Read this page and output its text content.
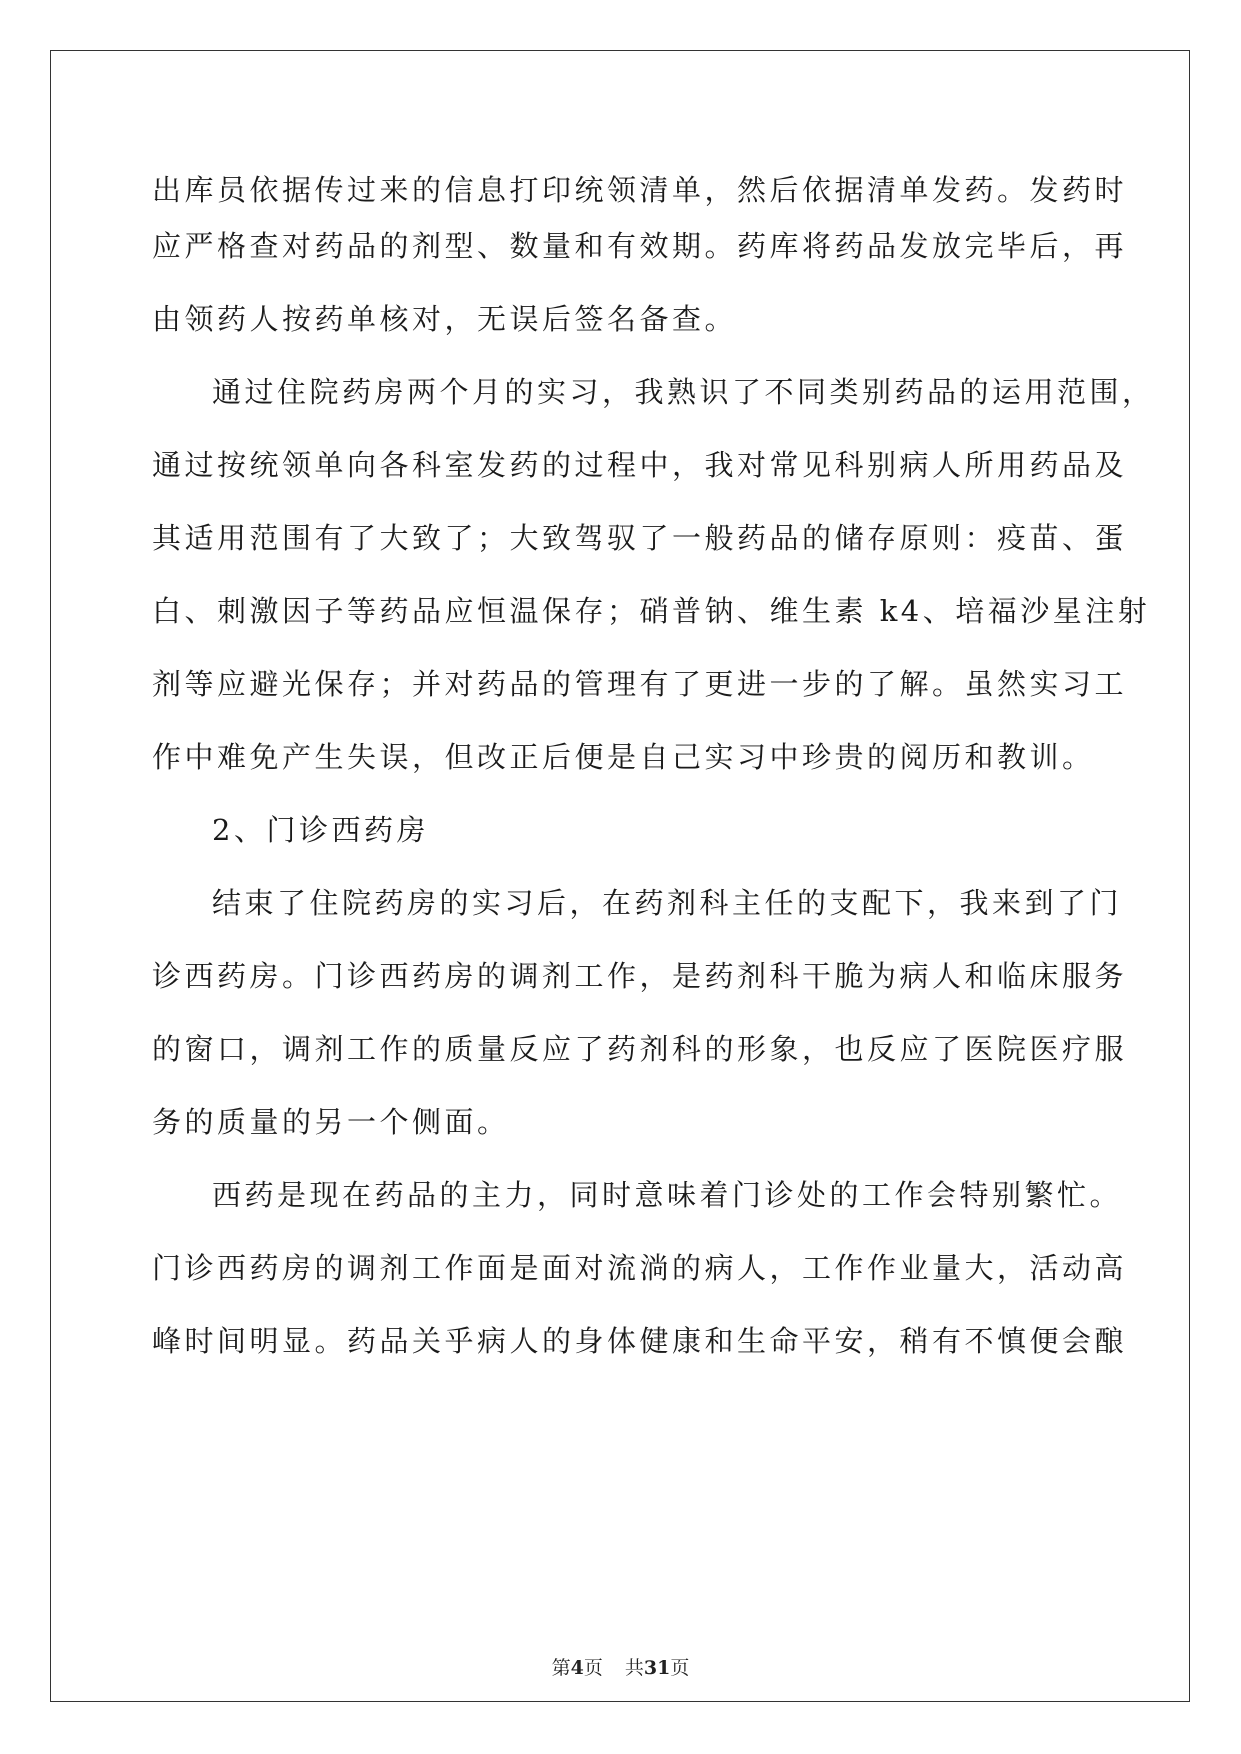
出库员依据传过来的信息打印统领清单，然后依据清单发药。发药时
应严格查对药品的剂型、数量和有效期。药库将药品发放完毕后，再
由领药人按药单核对，无误后签名备查。
通过住院药房两个月的实习，我熟识了不同类别药品的运用范围，
通过按统领单向各科室发药的过程中，我对常见科别病人所用药品及
其适用范围有了大致了；大致驾驭了一般药品的储存原则：疫苗、蛋
白、刺激因子等药品应恒温保存；硝普钠、维生素 k4、培福沙星注射
剂等应避光保存；并对药品的管理有了更进一步的了解。虽然实习工
作中难免产生失误，但改正后便是自己实习中珍贵的阅历和教训。
2、门诊西药房
结束了住院药房的实习后，在药剂科主任的支配下，我来到了门
诊西药房。门诊西药房的调剂工作，是药剂科干脆为病人和临床服务
的窗口，调剂工作的质量反应了药剂科的形象，也反应了医院医疗服
务的质量的另一个侧面。
西药是现在药品的主力，同时意味着门诊处的工作会特别繁忙。
门诊西药房的调剂工作面是面对流淌的病人，工作作业量大，活动高
峰时间明显。药品关乎病人的身体健康和生命平安，稍有不慎便会酿
第4页 共31页
